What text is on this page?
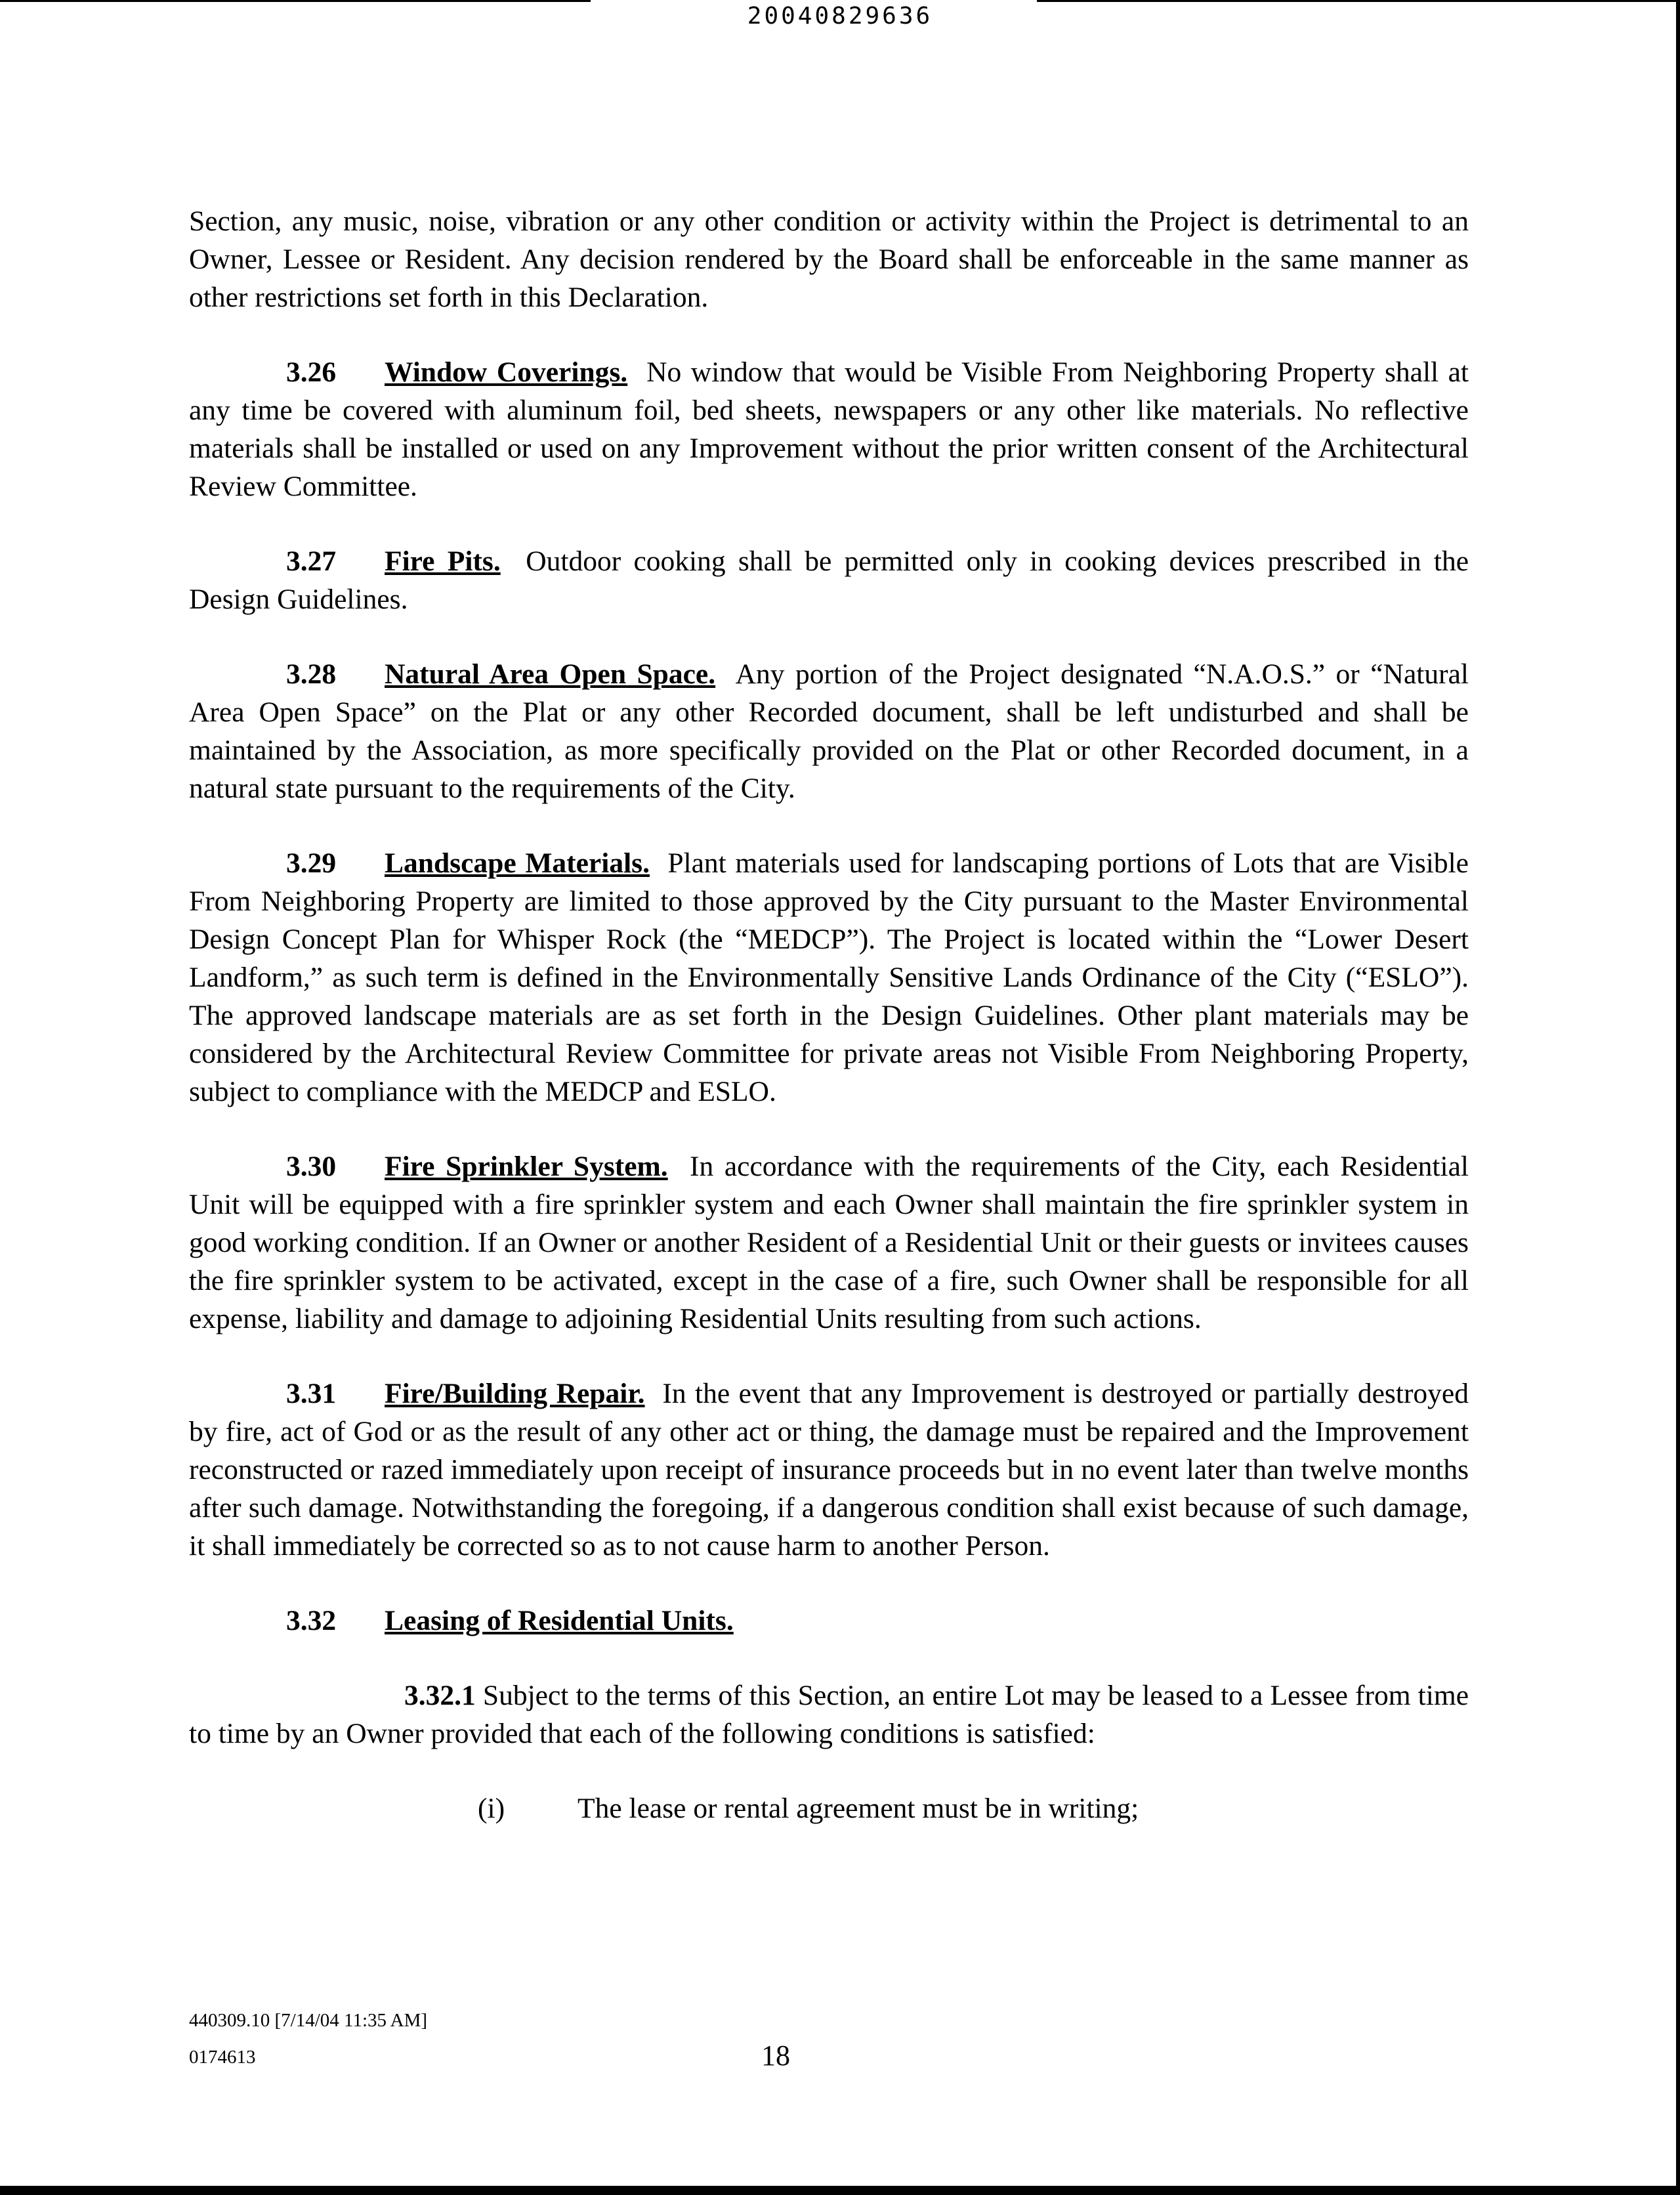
20040829636

Section, any music, noise, vibration or any other condition or activity within the Project is detrimental to an Owner, Lessee or Resident. Any decision rendered by the Board shall be enforceable in the same manner as other restrictions set forth in this Declaration.

3.26 Window Coverings. No window that would be Visible From Neighboring Property shall at any time be covered with aluminum foil, bed sheets, newspapers or any other like materials. No reflective materials shall be installed or used on any Improvement without the prior written consent of the Architectural Review Committee.

3.27 Fire Pits. Outdoor cooking shall be permitted only in cooking devices prescribed in the Design Guidelines.

3.28 Natural Area Open Space. Any portion of the Project designated “N.A.O.S.” or “Natural Area Open Space” on the Plat or any other Recorded document, shall be left undisturbed and shall be maintained by the Association, as more specifically provided on the Plat or other Recorded document, in a natural state pursuant to the requirements of the City.

3.29 Landscape Materials. Plant materials used for landscaping portions of Lots that are Visible From Neighboring Property are limited to those approved by the City pursuant to the Master Environmental Design Concept Plan for Whisper Rock (the “MEDCP”). The Project is located within the “Lower Desert Landform,” as such term is defined in the Environmentally Sensitive Lands Ordinance of the City (“ESLO”). The approved landscape materials are as set forth in the Design Guidelines. Other plant materials may be considered by the Architectural Review Committee for private areas not Visible From Neighboring Property, subject to compliance with the MEDCP and ESLO.

3.30 Fire Sprinkler System. In accordance with the requirements of the City, each Residential Unit will be equipped with a fire sprinkler system and each Owner shall maintain the fire sprinkler system in good working condition. If an Owner or another Resident of a Residential Unit or their guests or invitees causes the fire sprinkler system to be activated, except in the case of a fire, such Owner shall be responsible for all expense, liability and damage to adjoining Residential Units resulting from such actions.

3.31 Fire/Building Repair. In the event that any Improvement is destroyed or partially destroyed by fire, act of God or as the result of any other act or thing, the damage must be repaired and the Improvement reconstructed or razed immediately upon receipt of insurance proceeds but in no event later than twelve months after such damage. Notwithstanding the foregoing, if a dangerous condition shall exist because of such damage, it shall immediately be corrected so as to not cause harm to another Person.

3.32 Leasing of Residential Units.

3.32.1 Subject to the terms of this Section, an entire Lot may be leased to a Lessee from time to time by an Owner provided that each of the following conditions is satisfied:

(i)	The lease or rental agreement must be in writing;

440309.10 [7/14/04 11:35 AM]
0174613	18
